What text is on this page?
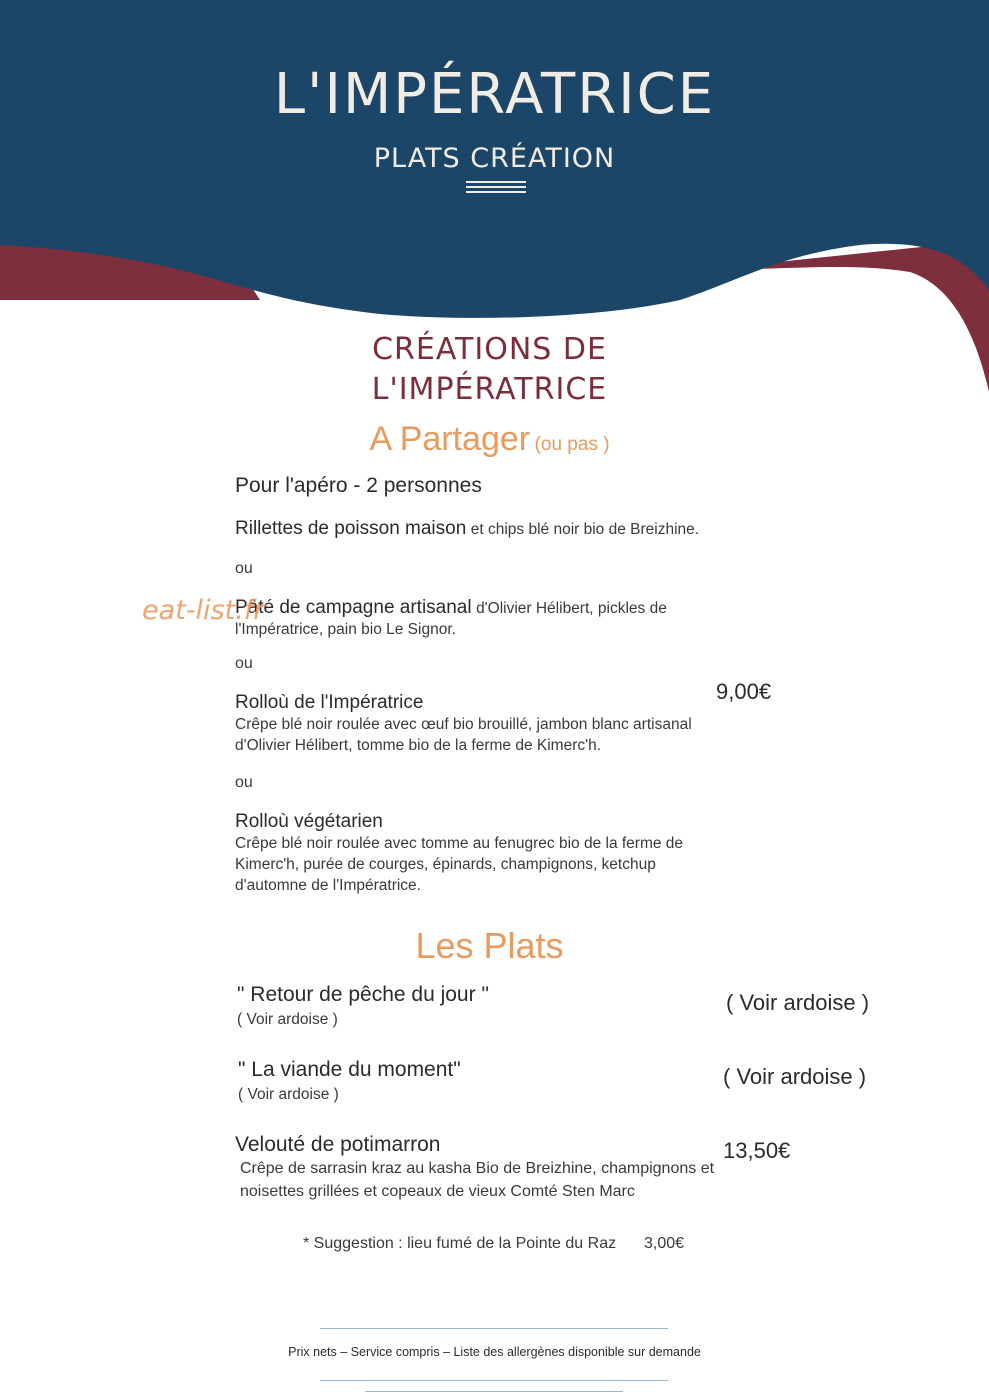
L'IMPÉRATRICE
PLATS CRÉATION
CRÉATIONS DE
L'IMPÉRATRICE
A Partager (ou pas )
Pour l'apéro - 2 personnes
Rillettes de poisson maison et chips blé noir bio de Breizhine.
ou
Pâté de campagne artisanal d'Olivier Hélibert, pickles de
l'Impératrice, pain bio Le Signor.
ou
Rolloù de l'Impératrice
Crêpe blé noir roulée avec œuf bio brouillé, jambon blanc artisanal
d'Olivier Hélibert, tomme bio de la ferme de Kimerc'h.
9,00€
ou
Rolloù végétarien
Crêpe blé noir roulée avec tomme au fenugrec bio de la ferme de
Kimerc'h, purée de courges, épinards, champignons, ketchup
d'automne de l'Impératrice.
Les Plats
" Retour de pêche du jour "
( Voir ardoise )
( Voir ardoise )
" La viande du moment"
( Voir ardoise )
( Voir ardoise )
Velouté de potimarron
Crêpe de sarrasin kraz au kasha Bio de Breizhine, champignons et
noisettes grillées et copeaux de vieux Comté Sten Marc
13,50€
* Suggestion : lieu fumé de la Pointe du Raz 3,00€
eat-list.fr
Prix nets – Service compris – Liste des allergènes disponible sur demande
